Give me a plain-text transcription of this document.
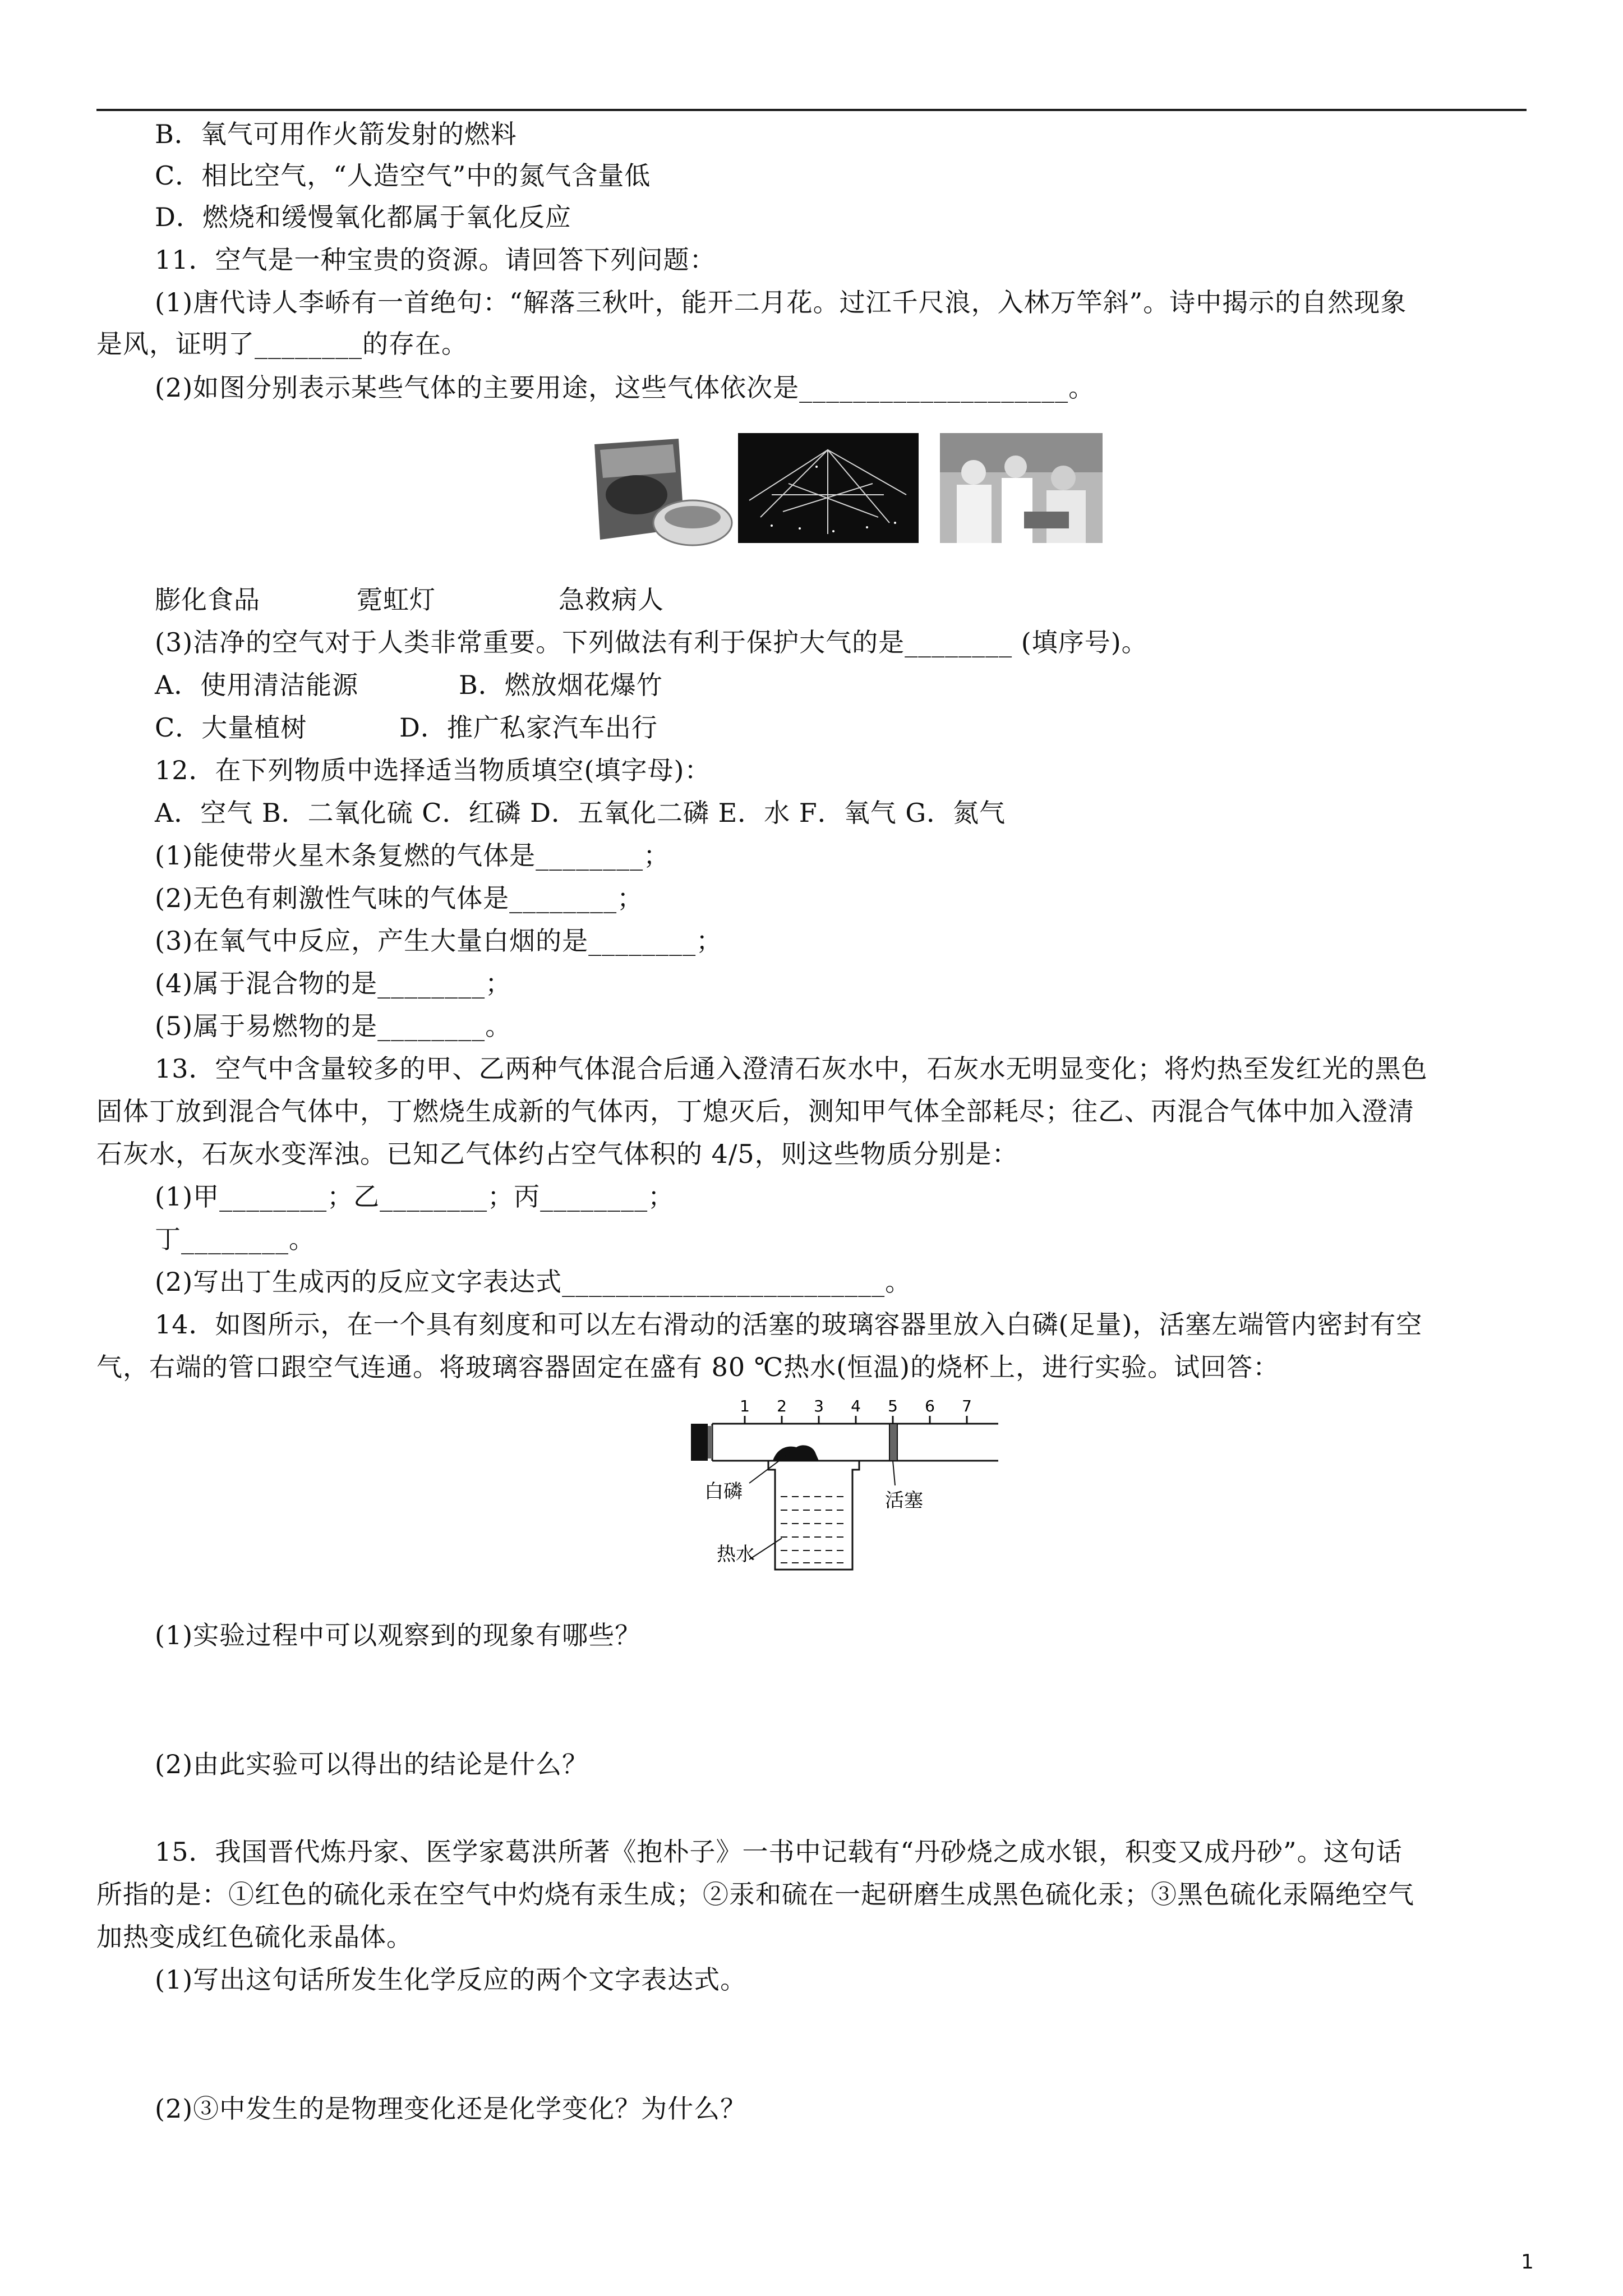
B．氧气可用作火箭发射的燃料
C．相比空气，“人造空气”中的氮气含量低
D．燃烧和缓慢氧化都属于氧化反应
11．空气是一种宝贵的资源。请回答下列问题：
(1)唐代诗人李峤有一首绝句：“解落三秋叶，能开二月花。过江千尺浪，入林万竿斜”。诗中揭示的自然现象
是风，证明了________的存在。
(2)如图分别表示某些气体的主要用途，这些气体依次是____________________。
膨化食品	霓虹灯	急救病人
(3)洁净的空气对于人类非常重要。下列做法有利于保护大气的是________ (填序号)。
A．使用清洁能源	B．燃放烟花爆竹
C．大量植树	D．推广私家汽车出行
12．在下列物质中选择适当物质填空(填字母)：
A．空气 B．二氧化硫 C．红磷 D．五氧化二磷 E．水 F．氧气 G．氮气
(1)能使带火星木条复燃的气体是________；
(2)无色有刺激性气味的气体是________；
(3)在氧气中反应，产生大量白烟的是________；
(4)属于混合物的是________；
(5)属于易燃物的是________。
13．空气中含量较多的甲、乙两种气体混合后通入澄清石灰水中，石灰水无明显变化；将灼热至发红光的黑色
固体丁放到混合气体中，丁燃烧生成新的气体丙，丁熄灭后，测知甲气体全部耗尽；往乙、丙混合气体中加入澄清
石灰水，石灰水变浑浊。已知乙气体约占空气体积的 4/5，则这些物质分别是：
(1)甲________；乙________；丙________；
丁________。
(2)写出丁生成丙的反应文字表达式________________________。
14．如图所示，在一个具有刻度和可以左右滑动的活塞的玻璃容器里放入白磷(足量)，活塞左端管内密封有空
气，右端的管口跟空气连通。将玻璃容器固定在盛有 80 ℃热水(恒温)的烧杯上，进行实验。试回答：
1 2 3 4 5 6 7
白磷	活塞
热水
(1)实验过程中可以观察到的现象有哪些？
(2)由此实验可以得出的结论是什么？
15．我国晋代炼丹家、医学家葛洪所著《抱朴子》一书中记载有“丹砂烧之成水银，积变又成丹砂”。这句话
所指的是：①红色的硫化汞在空气中灼烧有汞生成；②汞和硫在一起研磨生成黑色硫化汞；③黑色硫化汞隔绝空气
加热变成红色硫化汞晶体。
(1)写出这句话所发生化学反应的两个文字表达式。
(2)③中发生的是物理变化还是化学变化？为什么？
1
